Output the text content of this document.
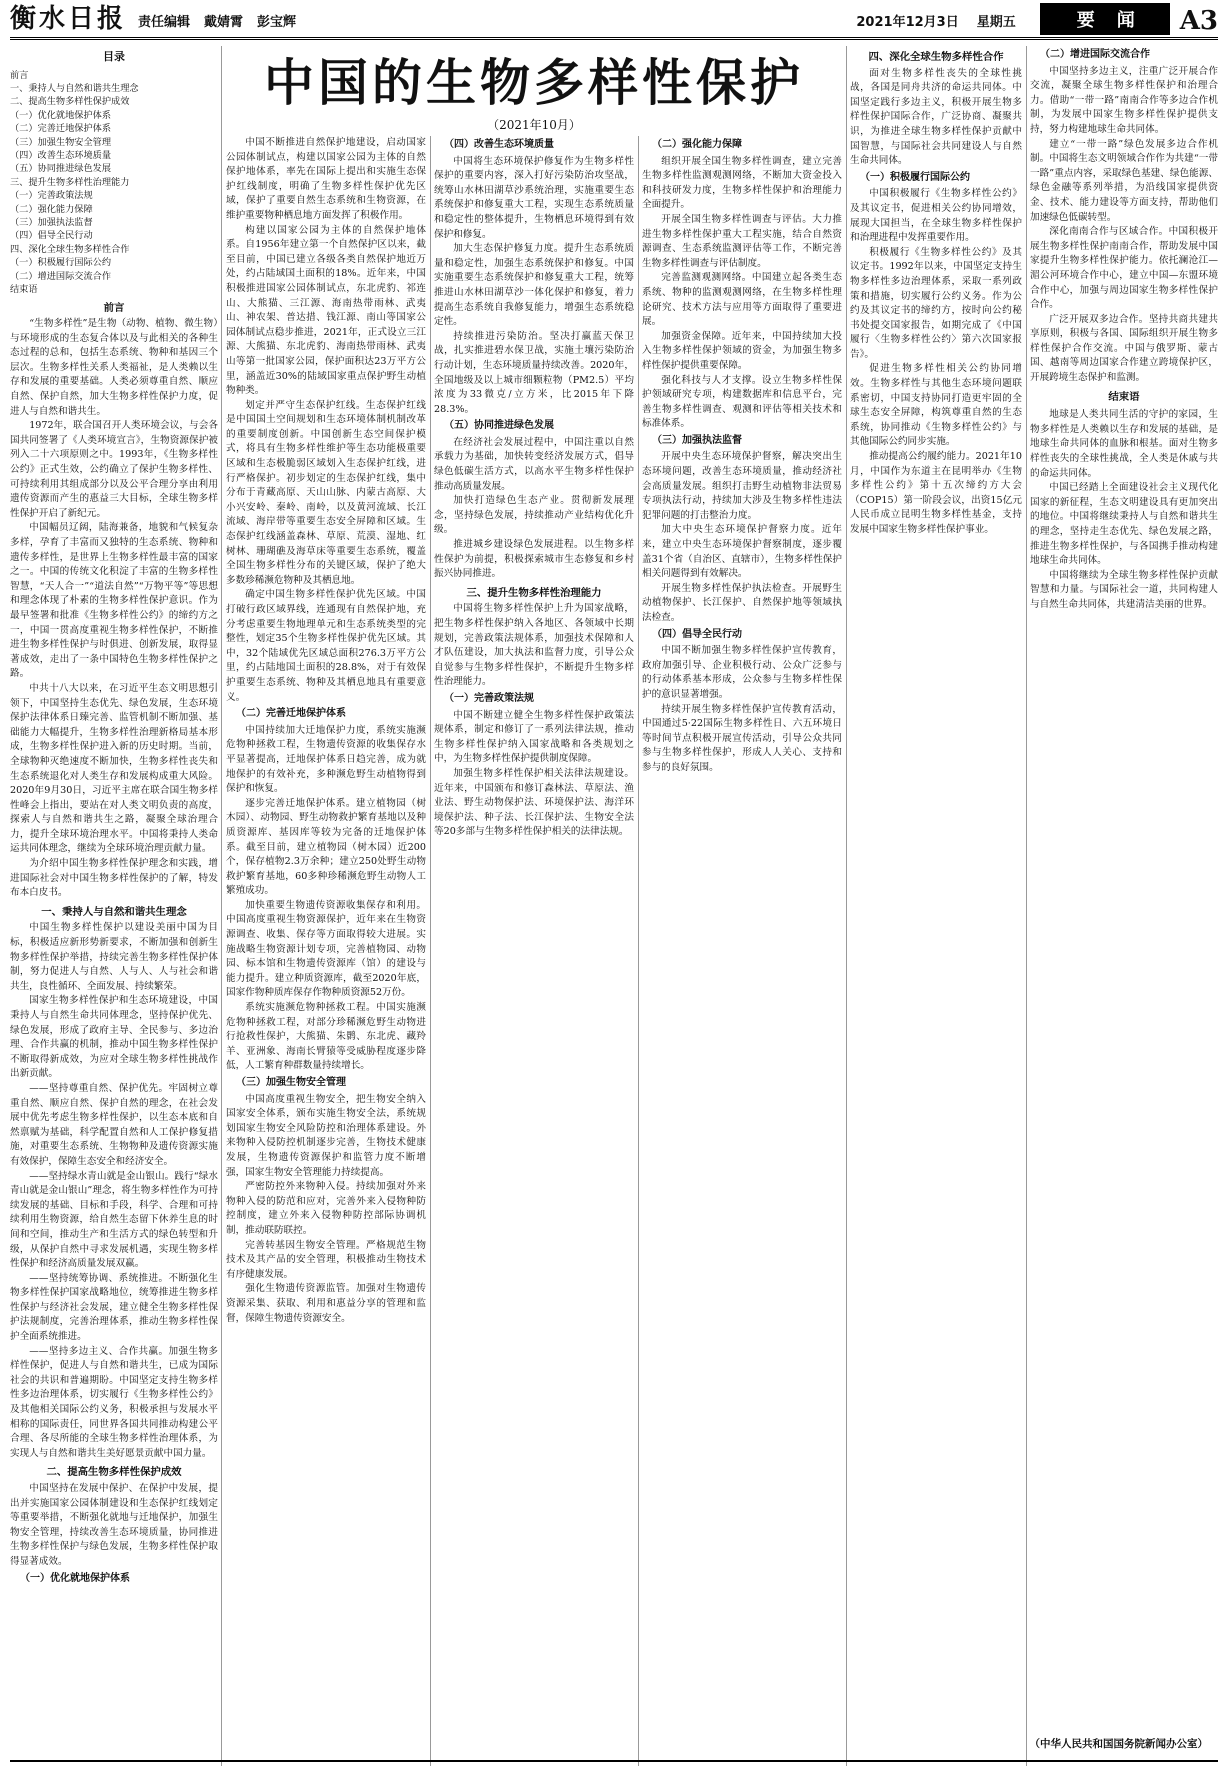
衡水日报 责任编辑 戴婧霄 彭宝辉	2021年12月3日 星期五	要闻 A3
中国的生物多样性保护
（2021年10月）
目录
前言
一、秉持人与自然和谐共生理念
二、提高生物多样性保护成效
（一）优化就地保护体系
（二）完善迁地保护体系
（三）加强生物安全管理
（四）改善生态环境质量
（五）协同推进绿色发展
三、提升生物多样性治理能力
（一）完善政策法规
（二）强化能力保障
（三）加强执法监督
（四）倡导全民行动
四、深化全球生物多样性合作
（一）积极履行国际公约
（二）增进国际交流合作
结束语
前言

“生物多样性”是生物（动物、植物、微生物）与环境形成的生态复合体以及与此相关的各种生态过程的总和，包括生态系统、物种和基因三个层次。生物多样性关系人类福祉，是人类赖以生存和发展的重要基础。人类必须尊重自然、顺应自然、保护自然，加大生物多样性保护力度，促进人与自然和谐共生。

1972年，联合国召开人类环境会议，与会各国共同签署了《人类环境宣言》，生物资源保护被列入二十六项原则之中。1993年，《生物多样性公约》正式生效，公约确立了保护生物多样性、可持续利用其组成部分以及公平合理分享由利用遗传资源而产生的惠益三大目标，全球生物多样性保护开启了新纪元。

中国幅员辽阔，陆海兼备，地貌和气候复杂多样，孕育了丰富而又独特的生态系统、物种和遗传多样性，是世界上生物多样性最丰富的国家之一。中国的传统文化积淀了丰富的生物多样性智慧，“天人合一”“道法自然”“万物平等”等思想和理念体现了朴素的生物多样性保护意识。作为最早签署和批准《生物多样性公约》的缔约方之一，中国一贯高度重视生物多样性保护，不断推进生物多样性保护与时俱进、创新发展，取得显著成效，走出了一条中国特色生物多样性保护之路。

中共十八大以来，在习近平生态文明思想引领下，中国坚持生态优先、绿色发展，生态环境保护法律体系日臻完善、监管机制不断加强、基础能力大幅提升，生物多样性治理新格局基本形成，生物多样性保护进入新的历史时期。当前，全球物种灭绝速度不断加快，生物多样性丧失和生态系统退化对人类生存和发展构成重大风险。2020年9月30日，习近平主席在联合国生物多样性峰会上指出，要站在对人类文明负责的高度，探索人与自然和谐共生之路，凝聚全球治理合力，提升全球环境治理水平。中国将秉持人类命运共同体理念，继续为全球环境治理贡献力量。

为介绍中国生物多样性保护理念和实践，增进国际社会对中国生物多样性保护的了解，特发布本白皮书。

一、秉持人与自然和谐共生理念

中国生物多样性保护以建设美丽中国为目标，积极适应新形势新要求，不断加强和创新生物多样性保护举措，持续完善生物多样性保护体制，努力促进人与自然、人与人、人与社会和谐共生，良性循环、全面发展、持续繁荣。

国家生物多样性保护和生态环境建设，中国秉持人与自然生命共同体理念，坚持保护优先、绿色发展，形成了政府主导、全民参与、多边治理、合作共赢的机制，推动中国生物多样性保护不断取得新成效，为应对全球生物多样性挑战作出新贡献。

——坚持尊重自然、保护优先。牢固树立尊重自然、顺应自然、保护自然的理念，在社会发展中优先考虑生物多样性保护，以生态本底和自然禀赋为基础，科学配置自然和人工保护修复措施，对重要生态系统、生物物种及遗传资源实施有效保护，保障生态安全和经济安全。

——坚持绿水青山就是金山银山。践行“绿水青山就是金山银山”理念，将生物多样性作为可持续发展的基础、目标和手段，科学、合理和可持续利用生物资源，给自然生态留下休养生息的时间和空间，推动生产和生活方式的绿色转型和升级，从保护自然中寻求发展机遇，实现生物多样性保护和经济高质量发展双赢。

——坚持统筹协调、系统推进。不断强化生物多样性保护国家战略地位，统筹推进生物多样性保护与经济社会发展，建立健全生物多样性保护法规制度，完善治理体系，推动生物多样性保护全面系统推进。

——坚持多边主义、合作共赢。加强生物多样性保护，促进人与自然和谐共生，已成为国际社会的共识和普遍期盼。中国坚定支持生物多样性多边治理体系，切实履行《生物多样性公约》及其他相关国际公约义务，积极承担与发展水平相称的国际责任，同世界各国共同推动构建公平合理、各尽所能的全球生物多样性治理体系，为实现人与自然和谐共生美好愿景贡献中国力量。

二、提高生物多样性保护成效

中国坚持在发展中保护、在保护中发展，提出并实施国家公园体制建设和生态保护红线划定等重要举措，不断强化就地与迁地保护，加强生物安全管理，持续改善生态环境质量，协同推进生物多样性保护与绿色发展，生物多样性保护取得显著成效。

（一）优化就地保护体系

中国不断推进自然保护地建设，启动国家公园体制试点，构建以国家公园为主体的自然保护地体系，率先在国际上提出和实施生态保护红线制度，明确了生物多样性保护优先区域，保护了重要自然生态系统和生物资源，在维护重要物种栖息地方面发挥了积极作用。

构建以国家公园为主体的自然保护地体系。自1956年建立第一个自然保护区以来，截至目前，中国已建立各级各类自然保护地近万处，约占陆域国土面积的18%。近年来，中国积极推进国家公园体制试点，东北虎豹、祁连山、大熊猫、三江源、海南热带雨林、武夷山、神农架、普达措、钱江源、南山等国家公园体制试点稳步推进，2021年，正式设立三江源、大熊猫、东北虎豹、海南热带雨林、武夷山等第一批国家公园，保护面积达23万平方公里，涵盖近30%的陆域国家重点保护野生动植物种类。

划定并严守生态保护红线。生态保护红线是中国国土空间规划和生态环境体制机制改革的重要制度创新。中国创新生态空间保护模式，将具有生物多样性维护等生态功能极重要区域和生态极脆弱区域划入生态保护红线，进行严格保护。初步划定的生态保护红线，集中分布于青藏高原、天山山脉、内蒙古高原、大小兴安岭、秦岭、南岭，以及黄河流域、长江流域、海岸带等重要生态安全屏障和区域。生态保护红线涵盖森林、草原、荒漠、湿地、红树林、珊瑚礁及海草床等重要生态系统，覆盖全国生物多样性分布的关键区域，保护了绝大多数珍稀濒危物种及其栖息地。

确定中国生物多样性保护优先区域。中国打破行政区域界线，连通现有自然保护地，充分考虑重要生物地理单元和生态系统类型的完整性，划定35个生物多样性保护优先区域。其中，32个陆域优先区域总面积276.3万平方公里，约占陆地国土面积的28.8%，对于有效保护重要生态系统、物种及其栖息地具有重要意义。

（二）完善迁地保护体系

中国持续加大迁地保护力度，系统实施濒危物种拯救工程，生物遗传资源的收集保存水平显著提高，迁地保护体系日趋完善，成为就地保护的有效补充，多种濒危野生动植物得到保护和恢复。

逐步完善迁地保护体系。建立植物园（树木园）、动物园、野生动物救护繁育基地以及种质资源库、基因库等较为完备的迁地保护体系。截至目前，建立植物园（树木园）近200个，保存植物2.3万余种；建立250处野生动物救护繁育基地，60多种珍稀濒危野生动物人工繁殖成功。

加快重要生物遗传资源收集保存和利用。中国高度重视生物资源保护，近年来在生物资源调查、收集、保存等方面取得较大进展。实施战略生物资源计划专项，完善植物园、动物园、标本馆和生物遗传资源库（馆）的建设与能力提升。建立种质资源库，截至2020年底，国家作物种质库保存作物种质资源52万份。

系统实施濒危物种拯救工程。中国实施濒危物种拯救工程，对部分珍稀濒危野生动物进行抢救性保护，大熊猫、朱鹮、东北虎、藏羚羊、亚洲象、海南长臂猿等受威胁程度逐步降低，人工繁育种群数量持续增长。

（三）加强生物安全管理

中国高度重视生物安全，把生物安全纳入国家安全体系，颁布实施生物安全法，系统规划国家生物安全风险防控和治理体系建设。外来物种入侵防控机制逐步完善，生物技术健康发展，生物遗传资源保护和监管力度不断增强，国家生物安全管理能力持续提高。

严密防控外来物种入侵。持续加强对外来物种入侵的防范和应对，完善外来入侵物种防控制度，建立外来入侵物种防控部际协调机制，推动联防联控。

完善转基因生物安全管理。严格规范生物技术及其产品的安全管理，积极推动生物技术有序健康发展。

强化生物遗传资源监管。加强对生物遗传资源采集、获取、利用和惠益分享的管理和监督，保障生物遗传资源安全。

（四）改善生态环境质量

中国将生态环境保护修复作为生物多样性保护的重要内容，深入打好污染防治攻坚战，统筹山水林田湖草沙系统治理，实施重要生态系统保护和修复重大工程，实现生态系统质量和稳定性的整体提升，生物栖息环境得到有效保护和修复。

加大生态保护修复力度。提升生态系统质量和稳定性，加强生态系统保护和修复。中国实施重要生态系统保护和修复重大工程，统筹推进山水林田湖草沙一体化保护和修复，着力提高生态系统自我修复能力，增强生态系统稳定性。

持续推进污染防治。坚决打赢蓝天保卫战，扎实推进碧水保卫战，实施土壤污染防治行动计划，生态环境质量持续改善。2020年，全国地级及以上城市细颗粒物（PM2.5）平均浓度为33微克/立方米，比2015年下降28.3%。

（五）协同推进绿色发展

在经济社会发展过程中，中国注重以自然承载力为基础，加快转变经济发展方式，倡导绿色低碳生活方式，以高水平生物多样性保护推动高质量发展。

加快打造绿色生态产业。贯彻新发展理念，坚持绿色发展，持续推动产业结构优化升级。

推进城乡建设绿色发展进程。以生物多样性保护为前提，积极探索城市生态修复和乡村振兴协同推进。

三、提升生物多样性治理能力

中国将生物多样性保护上升为国家战略，把生物多样性保护纳入各地区、各领域中长期规划，完善政策法规体系，加强技术保障和人才队伍建设，加大执法和监督力度，引导公众自觉参与生物多样性保护，不断提升生物多样性治理能力。

（一）完善政策法规

中国不断建立健全生物多样性保护政策法规体系，制定和修订了一系列法律法规，推动生物多样性保护纳入国家战略和各类规划之中，为生物多样性保护提供制度保障。

加强生物多样性保护相关法律法规建设。近年来，中国颁布和修订森林法、草原法、渔业法、野生动物保护法、环境保护法、海洋环境保护法、种子法、长江保护法、生物安全法等20多部与生物多样性保护相关的法律法规。

（二）强化能力保障

组织开展全国生物多样性调查，建立完善生物多样性监测观测网络，不断加大资金投入和科技研发力度，生物多样性保护和治理能力全面提升。

开展全国生物多样性调查与评估。大力推进生物多样性保护重大工程实施，结合自然资源调查、生态系统监测评估等工作，不断完善生物多样性调查与评估制度。

完善监测观测网络。中国建立起各类生态系统、物种的监测观测网络，在生物多样性理论研究、技术方法与应用等方面取得了重要进展。

加强资金保障。近年来，中国持续加大投入生物多样性保护领域的资金，为加强生物多样性保护提供重要保障。

强化科技与人才支撑。设立生物多样性保护领域研究专项，构建数据库和信息平台，完善生物多样性调查、观测和评估等相关技术和标准体系。

（三）加强执法监督

开展中央生态环境保护督察，解决突出生态环境问题，改善生态环境质量，推动经济社会高质量发展。组织打击野生动植物非法贸易专项执法行动，持续加大涉及生物多样性违法犯罪问题的打击整治力度。

加大中央生态环境保护督察力度。近年来，建立中央生态环境保护督察制度，逐步覆盖31个省（自治区、直辖市），生物多样性保护相关问题得到有效解决。

开展生物多样性保护执法检查。开展野生动植物保护、长江保护、自然保护地等领域执法检查。

（四）倡导全民行动

中国不断加强生物多样性保护宣传教育，政府加强引导、企业积极行动、公众广泛参与的行动体系基本形成，公众参与生物多样性保护的意识显著增强。

持续开展生物多样性保护宣传教育活动，中国通过5·22国际生物多样性日、六五环境日等时间节点积极开展宣传活动，引导公众共同参与生物多样性保护，形成人人关心、支持和参与的良好氛围。

四、深化全球生物多样性合作

面对生物多样性丧失的全球性挑战，各国是同舟共济的命运共同体。中国坚定践行多边主义，积极开展生物多样性保护国际合作，广泛协商、凝聚共识，为推进全球生物多样性保护贡献中国智慧，与国际社会共同建设人与自然生命共同体。

（一）积极履行国际公约

中国积极履行《生物多样性公约》及其议定书，促进相关公约协同增效，展现大国担当，在全球生物多样性保护和治理进程中发挥重要作用。

积极履行《生物多样性公约》及其议定书。1992年以来，中国坚定支持生物多样性多边治理体系，采取一系列政策和措施，切实履行公约义务。作为公约及其议定书的缔约方，按时向公约秘书处提交国家报告，如期完成了《中国履行〈生物多样性公约〉第六次国家报告》。

促进生物多样性相关公约协同增效。生物多样性与其他生态环境问题联系密切，中国支持协同打造更牢固的全球生态安全屏障，构筑尊重自然的生态系统，协同推动《生物多样性公约》与其他国际公约同步实施。

推动提高公约履约能力。2021年10月，中国作为东道主在昆明举办《生物多样性公约》第十五次缔约方大会（COP15）第一阶段会议，出资15亿元人民币成立昆明生物多样性基金，支持发展中国家生物多样性保护事业。

（二）增进国际交流合作

中国坚持多边主义，注重广泛开展合作交流，凝聚全球生物多样性保护和治理合力。借助“一带一路”南南合作等多边合作机制，为发展中国家生物多样性保护提供支持，努力构建地球生命共同体。

建立“一带一路”绿色发展多边合作机制。中国将生态文明领域合作作为共建“一带一路”重点内容，采取绿色基建、绿色能源、绿色金融等系列举措，为沿线国家提供资金、技术、能力建设等方面支持，帮助他们加速绿色低碳转型。

深化南南合作与区域合作。中国积极开展生物多样性保护南南合作，帮助发展中国家提升生物多样性保护能力。依托澜沧江—湄公河环境合作中心，建立中国—东盟环境合作中心，加强与周边国家生物多样性保护合作。

广泛开展双多边合作。坚持共商共建共享原则，积极与各国、国际组织开展生物多样性保护合作交流。中国与俄罗斯、蒙古国、越南等周边国家合作建立跨境保护区，开展跨境生态保护和监测。

结束语

地球是人类共同生活的守护的家园，生物多样性是人类赖以生存和发展的基础，是地球生命共同体的血脉和根基。面对生物多样性丧失的全球性挑战，全人类是休戚与共的命运共同体。

中国已经踏上全面建设社会主义现代化国家的新征程，生态文明建设具有更加突出的地位。中国将继续秉持人与自然和谐共生的理念，坚持走生态优先、绿色发展之路，推进生物多样性保护，与各国携手推动构建地球生命共同体。

中国将继续为全球生物多样性保护贡献智慧和力量。与国际社会一道，共同构建人与自然生命共同体，共建清洁美丽的世界。

（中华人民共和国国务院新闻办公室）
